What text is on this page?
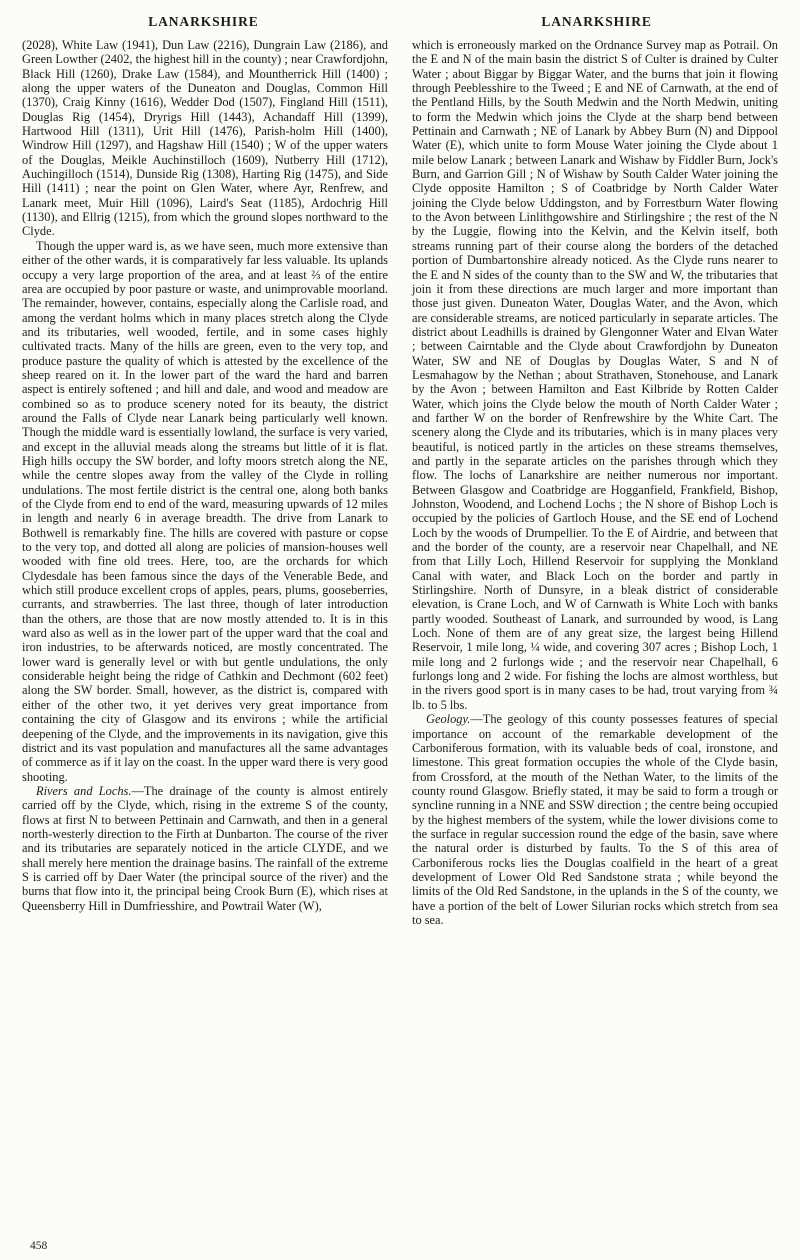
LANARKSHIRE	LANARKSHIRE

(2028), White Law (1941), Dun Law (2216), Dungrain Law (2186), and Green Lowther (2402, the highest hill in the county) ; near Crawfordjohn, Black Hill (1260), Drake Law (1584), and Mountherrick Hill (1400) ; along the upper waters of the Duneaton and Douglas, Common Hill (1370), Craig Kinny (1616), Wedder Dod (1507), Fingland Hill (1511), Douglas Rig (1454), Dryrigs Hill (1443), Achandaff Hill (1399), Hartwood Hill (1311), Urit Hill (1476), Parish-holm Hill (1400), Windrow Hill (1297), and Hagshaw Hill (1540) ; W of the upper waters of the Douglas, Meikle Auchinstilloch (1609), Nutberry Hill (1712), Auchingilloch (1514), Dunside Rig (1308), Harting Rig (1475), and Side Hill (1411) ; near the point on Glen Water, where Ayr, Renfrew, and Lanark meet, Muir Hill (1096), Laird's Seat (1185), Ardochrig Hill (1130), and Ellrig (1215), from which the ground slopes northward to the Clyde.

Though the upper ward is, as we have seen, much more extensive than either of the other wards, it is comparatively far less valuable. Its uplands occupy a very large proportion of the area, and at least ⅔ of the entire area are occupied by poor pasture or waste, and unimprovable moorland. The remainder, however, contains, especially along the Carlisle road, and among the verdant holms which in many places stretch along the Clyde and its tributaries, well wooded, fertile, and in some cases highly cultivated tracts. Many of the hills are green, even to the very top, and produce pasture the quality of which is attested by the excellence of the sheep reared on it. In the lower part of the ward the hard and barren aspect is entirely softened ; and hill and dale, and wood and meadow are combined so as to produce scenery noted for its beauty, the district around the Falls of Clyde near Lanark being particularly well known. Though the middle ward is essentially lowland, the surface is very varied, and except in the alluvial meads along the streams but little of it is flat. High hills occupy the SW border, and lofty moors stretch along the NE, while the centre slopes away from the valley of the Clyde in rolling undulations. The most fertile district is the central one, along both banks of the Clyde from end to end of the ward, measuring upwards of 12 miles in length and nearly 6 in average breadth. The drive from Lanark to Bothwell is remarkably fine. The hills are covered with pasture or copse to the very top, and dotted all along are policies of mansion-houses well wooded with fine old trees. Here, too, are the orchards for which Clydesdale has been famous since the days of the Venerable Bede, and which still produce excellent crops of apples, pears, plums, gooseberries, currants, and strawberries. The last three, though of later introduction than the others, are those that are now mostly attended to. It is in this ward also as well as in the lower part of the upper ward that the coal and iron industries, to be afterwards noticed, are mostly concentrated. The lower ward is generally level or with but gentle undulations, the only considerable height being the ridge of Cathkin and Dechmont (602 feet) along the SW border. Small, however, as the district is, compared with either of the other two, it yet derives very great importance from containing the city of Glasgow and its environs ; while the artificial deepening of the Clyde, and the improvements in its navigation, give this district and its vast population and manufactures all the same advantages of commerce as if it lay on the coast. In the upper ward there is very good shooting.

Rivers and Lochs.—The drainage of the county is almost entirely carried off by the Clyde, which, rising in the extreme S of the county, flows at first N to between Pettinain and Carnwath, and then in a general north-westerly direction to the Firth at Dunbarton. The course of the river and its tributaries are separately noticed in the article CLYDE, and we shall merely here mention the drainage basins. The rainfall of the extreme S is carried off by Daer Water (the principal source of the river) and the burns that flow into it, the principal being Crook Burn (E), which rises at Queensberry Hill in Dumfriesshire, and Powtrail Water (W),

which is erroneously marked on the Ordnance Survey map as Potrail. On the E and N of the main basin the district S of Culter is drained by Culter Water ; about Biggar by Biggar Water, and the burns that join it flowing through Peeblesshire to the Tweed ; E and NE of Carnwath, at the end of the Pentland Hills, by the South Medwin and the North Medwin, uniting to form the Medwin which joins the Clyde at the sharp bend between Pettinain and Carnwath ; NE of Lanark by Abbey Burn (N) and Dippool Water (E), which unite to form Mouse Water joining the Clyde about 1 mile below Lanark ; between Lanark and Wishaw by Fiddler Burn, Jock's Burn, and Garrion Gill ; N of Wishaw by South Calder Water joining the Clyde opposite Hamilton ; S of Coatbridge by North Calder Water joining the Clyde below Uddingston, and by Forrestburn Water flowing to the Avon between Linlithgowshire and Stirlingshire ; the rest of the N by the Luggie, flowing into the Kelvin, and the Kelvin itself, both streams running part of their course along the borders of the detached portion of Dumbartonshire already noticed. As the Clyde runs nearer to the E and N sides of the county than to the SW and W, the tributaries that join it from these directions are much larger and more important than those just given. Duneaton Water, Douglas Water, and the Avon, which are considerable streams, are noticed particularly in separate articles. The district about Leadhills is drained by Glengonner Water and Elvan Water ; between Cairntable and the Clyde about Crawfordjohn by Duneaton Water, SW and NE of Douglas by Douglas Water, S and N of Lesmahagow by the Nethan ; about Strathaven, Stonehouse, and Lanark by the Avon ; between Hamilton and East Kilbride by Rotten Calder Water, which joins the Clyde below the mouth of North Calder Water ; and farther W on the border of Renfrewshire by the White Cart. The scenery along the Clyde and its tributaries, which is in many places very beautiful, is noticed partly in the articles on these streams themselves, and partly in the separate articles on the parishes through which they flow. The lochs of Lanarkshire are neither numerous nor important. Between Glasgow and Coatbridge are Hogganfield, Frankfield, Bishop, Johnston, Woodend, and Lochend Lochs ; the N shore of Bishop Loch is occupied by the policies of Gartloch House, and the SE end of Lochend Loch by the woods of Drumpellier. To the E of Airdrie, and between that and the border of the county, are a reservoir near Chapelhall, and NE from that Lilly Loch, Hillend Reservoir for supplying the Monkland Canal with water, and Black Loch on the border and partly in Stirlingshire. North of Dunsyre, in a bleak district of considerable elevation, is Crane Loch, and W of Carnwath is White Loch with banks partly wooded. Southeast of Lanark, and surrounded by wood, is Lang Loch. None of them are of any great size, the largest being Hillend Reservoir, 1 mile long, ¼ wide, and covering 307 acres ; Bishop Loch, 1 mile long and 2 furlongs wide ; and the reservoir near Chapelhall, 6 furlongs long and 2 wide. For fishing the lochs are almost worthless, but in the rivers good sport is in many cases to be had, trout varying from ¾ lb. to 5 lbs.

Geology.—The geology of this county possesses features of special importance on account of the remarkable development of the Carboniferous formation, with its valuable beds of coal, ironstone, and limestone. This great formation occupies the whole of the Clyde basin, from Crossford, at the mouth of the Nethan Water, to the limits of the county round Glasgow. Briefly stated, it may be said to form a trough or syncline running in a NNE and SSW direction ; the centre being occupied by the highest members of the system, while the lower divisions come to the surface in regular succession round the edge of the basin, save where the natural order is disturbed by faults. To the S of this area of Carboniferous rocks lies the Douglas coalfield in the heart of a great development of Lower Old Red Sandstone strata ; while beyond the limits of the Old Red Sandstone, in the uplands in the S of the county, we have a portion of the belt of Lower Silurian rocks which stretch from sea to sea.

458
